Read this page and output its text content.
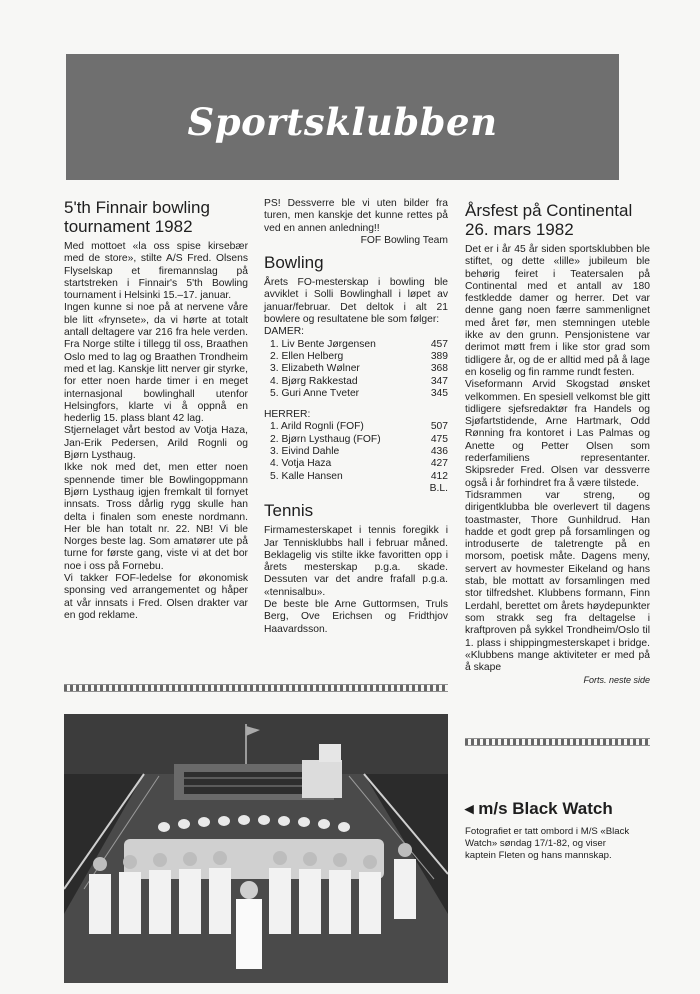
Sportsklubben
5'th Finnair bowling tournament 1982

Med mottoet «la oss spise kirsebær med de store», stilte A/S Fred. Olsens Flyselskap et firemannslag på startstreken i Finnair's 5'th Bowling tournament i Helsinki 15.–17. januar.

Ingen kunne si noe på at nervene våre ble litt «frynsete», da vi hørte at totalt antall deltagere var 216 fra hele verden. Fra Norge stilte i tillegg til oss, Braathen Oslo med to lag og Braathen Trondheim med et lag. Kanskje litt nerver gir styrke, for etter noen harde timer i en meget internasjonal bowlinghall utenfor Helsingfors, klarte vi å oppnå en hederlig 15. plass blant 42 lag.

Stjernelaget vårt bestod av Votja Haza, Jan-Erik Pedersen, Arild Rognli og Bjørn Lysthaug.

Ikke nok med det, men etter noen spennende timer ble Bowlingoppmann Bjørn Lysthaug igjen fremkalt til fornyet innsats. Tross dårlig rygg skulle han delta i finalen som eneste nordmann. Her ble han totalt nr. 22. NB! Vi ble Norges beste lag. Som amatører ute på turne for første gang, viste vi at det bor noe i oss på Fornebu.

Vi takker FOF-ledelse for økonomisk sponsing ved arrangementet og håper at vår innsats i Fred. Olsen drakter var en god reklame.

PS! Dessverre ble vi uten bilder fra turen, men kanskje det kunne rettes på ved en annen anledning!!

FOF Bowling Team

Bowling

Årets FO-mesterskap i bowling ble avviklet i Solli Bowlinghall i løpet av januar/februar. Det deltok i alt 21 bowlere og resultatene ble som følger:

DAMER:

1. Liv Bente Jørgensen	457
2. Ellen Helberg	389
3. Elizabeth Wølner	368
4. Bjørg Rakkestad	347
5. Guri Anne Tveter	345

HERRER:

1. Arild Rognli (FOF)	507
2. Bjørn Lysthaug (FOF)	475
3. Eivind Dahle	436
4. Votja Haza	427
5. Kalle Hansen	412

B.L.

Tennis

Firmamesterskapet i tennis foregikk i Jar Tennisklubbs hall i februar måned. Beklagelig vis stilte ikke favoritten opp i årets mesterskap p.g.a. skade. Dessuten var det andre frafall p.g.a. «tennisalbu».

De beste ble Arne Guttormsen, Truls Berg, Ove Erichsen og Fridthjov Haavardsson.

Årsfest på Continental 26. mars 1982

Det er i år 45 år siden sportsklubben ble stiftet, og dette «lille» jubileum ble behørig feiret i Teatersalen på Continental med et antall av 180 festkledde damer og herrer. Det var denne gang noen færre sammenlignet med året før, men stemningen uteble ikke av den grunn. Pensjonistene var derimot møtt frem i like stor grad som tidligere år, og de er alltid med på å lage en koselig og fin ramme rundt festen.

Viseformann Arvid Skogstad ønsket velkommen. En spesiell velkomst ble gitt tidligere sjefsredaktør fra Handels og Sjøfartstidende, Arne Hartmark, Odd Rønning fra kontoret i Las Palmas og Anette og Petter Olsen som rederfamiliens representanter. Skipsreder Fred. Olsen var dessverre også i år forhindret fra å være tilstede.

Tidsrammen var streng, og dirigentklubba ble overlevert til dagens toastmaster, Thore Gunhildrud. Han hadde et godt grep på forsamlingen og introduserte de taletrengte på en morsom, poetisk måte. Dagens meny, servert av hovmester Eikeland og hans stab, ble mottatt av forsamlingen med stor tilfredshet. Klubbens formann, Finn Lerdahl, berettet om årets høydepunkter som strakk seg fra deltagelse i kraftproven på sykkel Trondheim/Oslo til 1. plass i shippingmesterskapet i bridge. «Klubbens mange aktiviteter er med på å skape

Forts. neste side

◂ m/s Black Watch
Fotografiet er tatt ombord i M/S «Black Watch» søndag 17/1-82, og viser kaptein Fleten og hans mannskap.
